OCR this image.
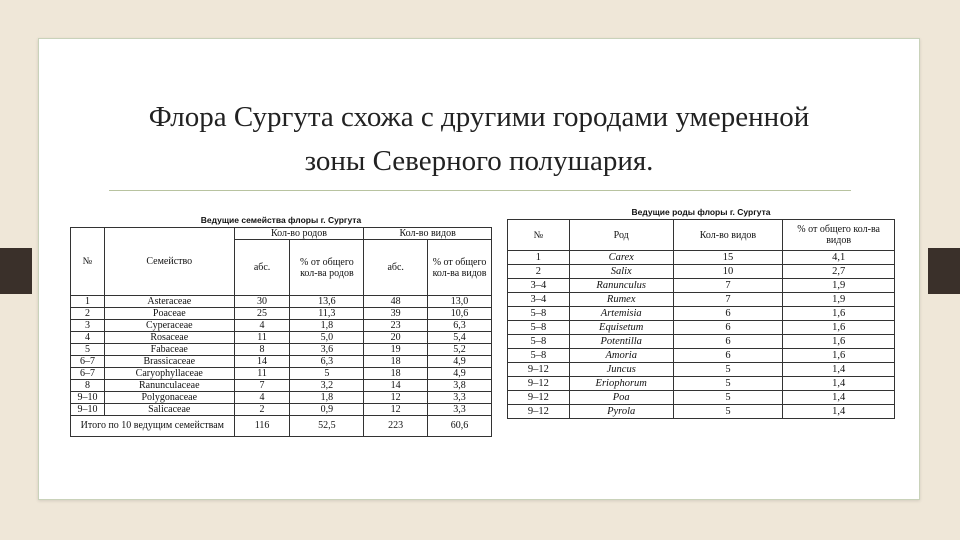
Флора Сургута схожа с другими городами умеренной
зоны Северного полушария.

Ведущие семейства флоры г. Сургута

№	Семейство	Кол-во родов		Кол-во видов	
		абс.	% от общего кол-ва родов	абс.	% от общего кол-ва видов
1	Asteraceae	30	13,6	48	13,0
2	Poaceae	25	11,3	39	10,6
3	Cyperaceae	4	1,8	23	6,3
4	Rosaceae	11	5,0	20	5,4
5	Fabaceae	8	3,6	19	5,2
6–7	Brassicaceae	14	6,3	18	4,9
6–7	Caryophyllaceae	11	5	18	4,9
8	Ranunculaceae	7	3,2	14	3,8
9–10	Polygonaceae	4	1,8	12	3,3
9–10	Salicaceae	2	0,9	12	3,3
Итого по 10 ведущим семействам		116	52,5	223	60,6

Ведущие роды флоры г. Сургута

№	Род	Кол-во видов	% от общего кол-ва видов
1	Carex	15	4,1
2	Salix	10	2,7
3–4	Ranunculus	7	1,9
3–4	Rumex	7	1,9
5–8	Artemisia	6	1,6
5–8	Equisetum	6	1,6
5–8	Potentilla	6	1,6
5–8	Amoria	6	1,6
9–12	Juncus	5	1,4
9–12	Eriophorum	5	1,4
9–12	Poa	5	1,4
9–12	Pyrola	5	1,4
